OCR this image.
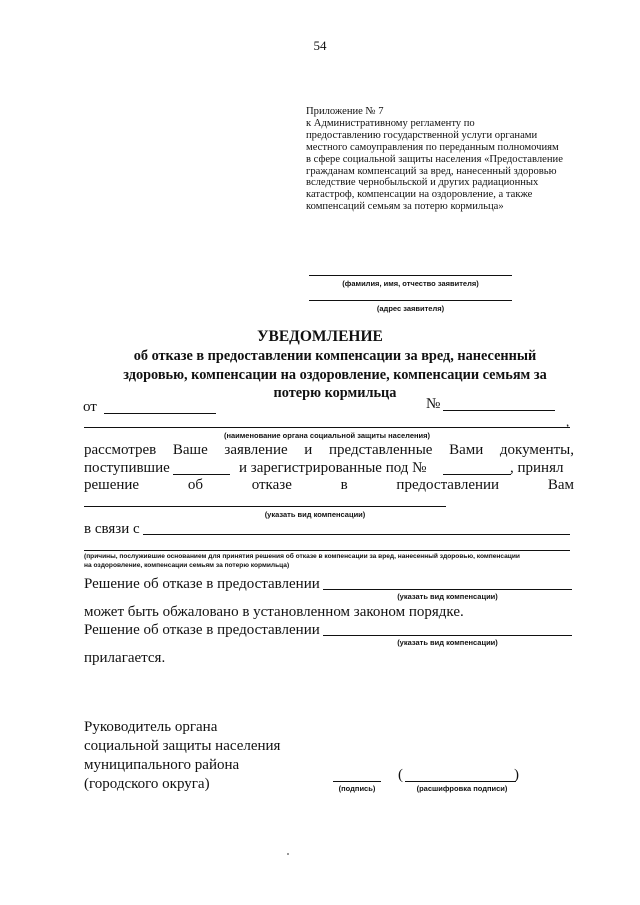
54
Приложение № 7
к Административному регламенту по
предоставлению государственной услуги органами
местного самоуправления по переданным полномочиям
в сфере социальной защиты населения «Предоставление
гражданам компенсаций за вред, нанесенный здоровью
вследствие чернобыльской и других радиационных
катастроф, компенсации на оздоровление, а также
компенсаций семьям за потерю кормильца»
(фамилия, имя, отчество заявителя)
(адрес заявителя)
УВЕДОМЛЕНИЕ
об отказе в предоставлении компенсации за вред, нанесенный здоровью, компенсации на оздоровление, компенсации семьям за потерю кормильца
от	№
,
(наименование органа социальной защиты населения)
рассмотрев Ваше заявление и представленные Вами документы,
поступившие	и зарегистрированные под №	, принял
решение	об	отказе	в	предоставлении	Вам
(указать вид компенсации)
в связи с
(причины, послужившие основанием для принятия решения об отказе в компенсации за вред, нанесенный здоровью, компенсации
на оздоровление, компенсации семьям за потерю кормильца)
Решение об отказе в предоставлении
(указать вид компенсации)
может быть обжаловано в установленном законом порядке.
Решение об отказе в предоставлении
(указать вид компенсации)
прилагается.
Руководитель органа
социальной защиты населения
муниципального района
(городского округа)	(подпись)
(	)
(расшифровка подписи)
